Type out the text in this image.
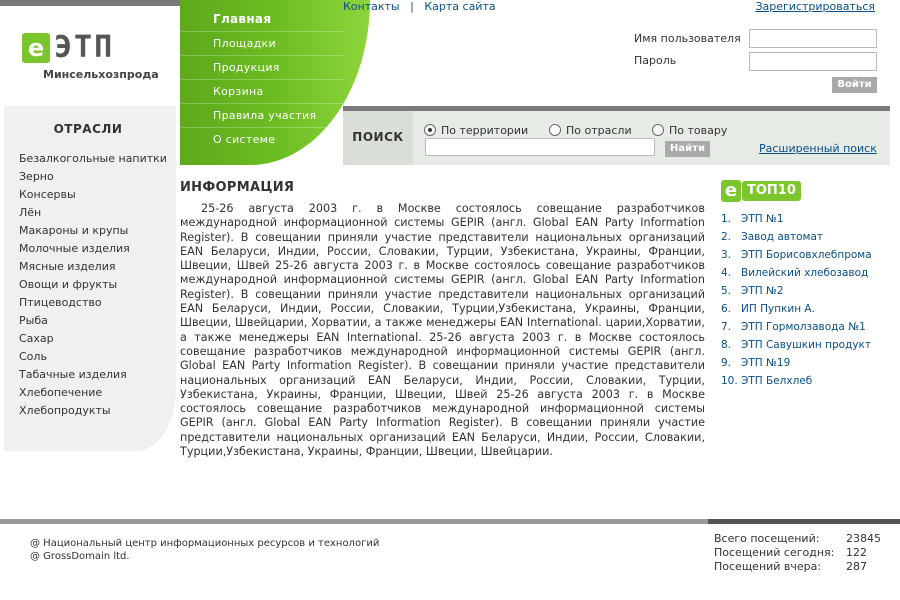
e ЭТП
Минсельхозпрода
Главная
Площадки
Продукция
Корзина
Правила участия
О системе
Контакты | Карта сайта	Зарегистрироваться
Имя пользователя
Пароль
Войти
ПОИСК	По территории	По отрасли	По товару
Найти	Расширенный поиск
ОТРАСЛИ
Безалкогольные напитки
Зерно
Консервы
Лён
Макароны и крупы
Молочные изделия
Мясные изделия
Овощи и фрукты
Птицеводство
Рыба
Сахар
Соль
Табачные изделия
Хлебопечение
Хлебопродукты
ИНФОРМАЦИЯ

25-26 августа 2003 г. в Москве состоялось совещание разработчиков международной информационной системы GEPIR (англ. Global EAN Party Information Register). В совещании приняли участие представители национальных организаций EAN Беларуси, Индии, России, Словакии, Турции, Узбекистана, Украины, Франции, Швеции, Швей 25-26 августа 2003 г. в Москве состоялось совещание разработчиков международной информационной системы GEPIR (англ. Global EAN Party Information Register). В совещании приняли участие представители национальных организаций EAN Беларуси, Индии, России, Словакии, Турции,Узбекистана, Украины, Франции, Швеции, Швейцарии, Хорватии, а также менеджеры EAN International. царии,Хорватии, а также менеджеры EAN International. 25-26 августа 2003 г. в Москве состоялось совещание разработчиков международной информационной системы GEPIR (англ. Global EAN Party Information Register). В совещании приняли участие представители национальных организаций EAN Беларуси, Индии, России, Словакии, Турции, Узбекистана, Украины, Франции, Швеции, Швей 25-26 августа 2003 г. в Москве состоялось совещание разработчиков международной информационной системы GEPIR (англ. Global EAN Party Information Register). В совещании приняли участие представители национальных организаций EAN Беларуси, Индии, России, Словакии, Турции,Узбекистана, Украины, Франции, Швеции, Швейцарии.

e ТОП10
1. ЭТП №1
2. Завод автомат
3. ЭТП Борисовхлебпрома
4. Вилейский хлебозавод
5. ЭТП №2
6. ИП Пупкин А.
7. ЭТП Гормолзавода №1
8. ЭТП Савушкин продукт
9. ЭТП №19
10. ЭТП Белхлеб
@ Национальный центр информационных ресурсов и технологий
@ GrossDomain ltd.
Всего посещений: 23845
Посещений сегодня: 122
Посещений вчера: 287
